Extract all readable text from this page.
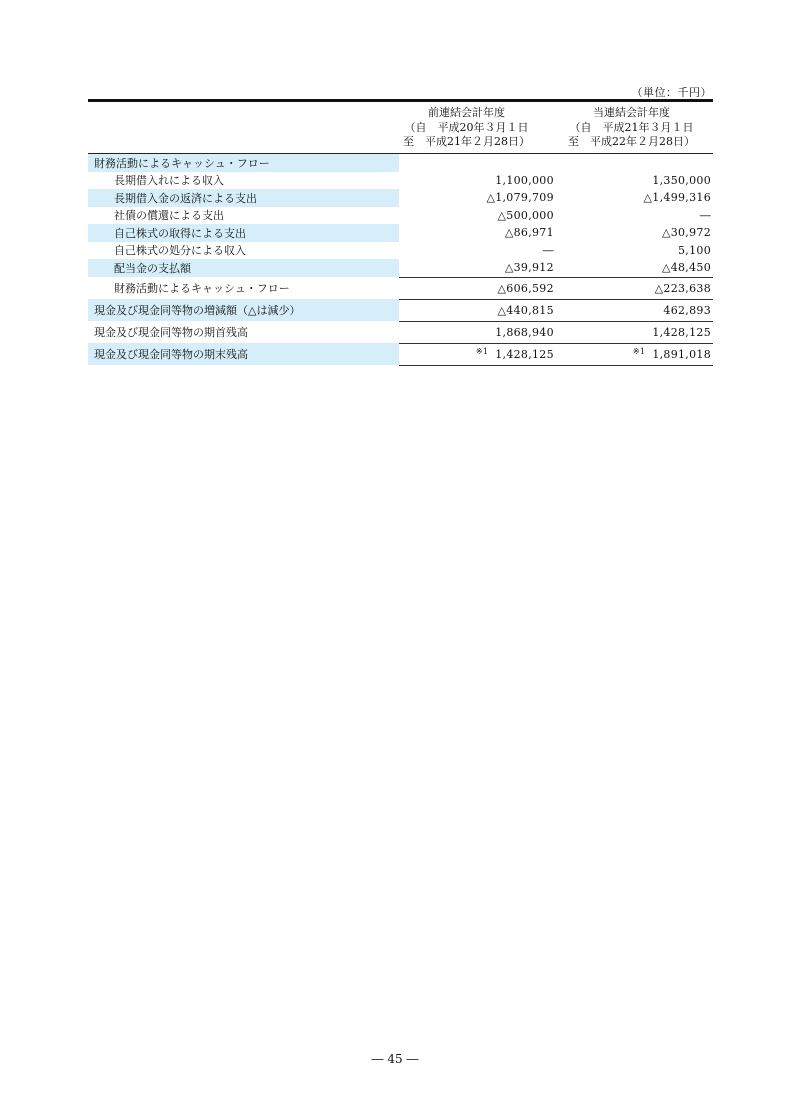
（単位：千円）
前連結会計年度
（自　平成20年３月１日
至　平成21年２月28日）
当連結会計年度
（自　平成21年３月１日
至　平成22年２月28日）
財務活動によるキャッシュ・フロー		
長期借入れによる収入	1,100,000	1,350,000
長期借入金の返済による支出	△1,079,709	△1,499,316
社債の償還による支出	△500,000	―
自己株式の取得による支出	△86,971	△30,972
自己株式の処分による収入	―	5,100
配当金の支払額	△39,912	△48,450
財務活動によるキャッシュ・フロー	△606,592	△223,638
現金及び現金同等物の増減額（△は減少）	△440,815	462,893
現金及び現金同等物の期首残高	1,868,940	1,428,125
現金及び現金同等物の期末残高	※1 1,428,125	※1 1,891,018
― 45 ―
